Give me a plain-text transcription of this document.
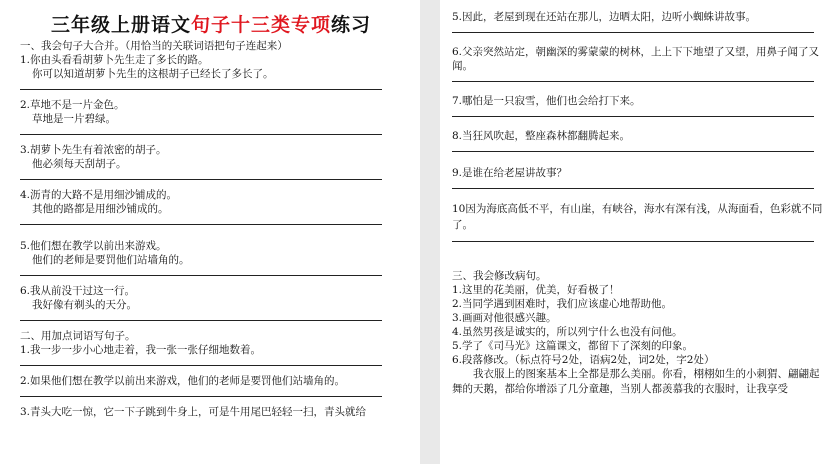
三年级上册语文句子十三类专项练习
一、我会句子大合并。（用恰当的关联词语把句子连起来）
1.你由头看看胡萝卜先生走了多长的路。
你可以知道胡萝卜先生的这根胡子已经长了多长了。
2.草地不是一片金色。
草地是一片碧绿。
3.胡萝卜先生有着浓密的胡子。
他必须每天刮胡子。
4.沥青的大路不是用细沙铺成的。
其他的路都是用细沙铺成的。
5.他们想在教学以前出来游戏。
他们的老师是要罚他们站墙角的。
6.我从前没干过这一行。
我好像有剃头的天分。
二、用加点词语写句子。
1.我一步一步小心地走着，我一张一张仔细地数着。
2.如果他们想在教学以前出来游戏，他们的老师是要罚他们站墙角的。
3.青头大吃一惊，它一下子跳到牛身上，可是牛用尾巴轻轻一扫，青头就给
5.因此，老屋到现在还站在那儿，边晒太阳，边听小蜘蛛讲故事。
6.父亲突然站定，朝幽深的雾蒙蒙的树林，上上下下地望了又望，用鼻子闻了又闻。
7.哪怕是一只寂雪，他们也会给打下来。
8.当狂风吹起，整座森林都翻腾起来。
9.是谁在给老屋讲故事？
10因为海底高低不平，有山崖，有峡谷，海水有深有浅，从海面看，色彩就不同了。
三、我会修改病句。
1.这里的花美丽，优美，好看极了！
2.当同学遇到困难时，我们应该虚心地帮助他。
3.画画对他很感兴趣。
4.虽然男孩是诚实的，所以列宁什么也没有问他。
5.学了《司马光》这篇课文，都留下了深刻的印象。
6.段落修改。（标点符号2处，语病2处，词2处，字2处）
我衣服上的图案基本上全都是那么美丽。你看，栩栩如生的小刺猬、翩翩起舞的天鹅，都给你增添了几分童趣，当别人都羡慕我的衣服时，让我享受
